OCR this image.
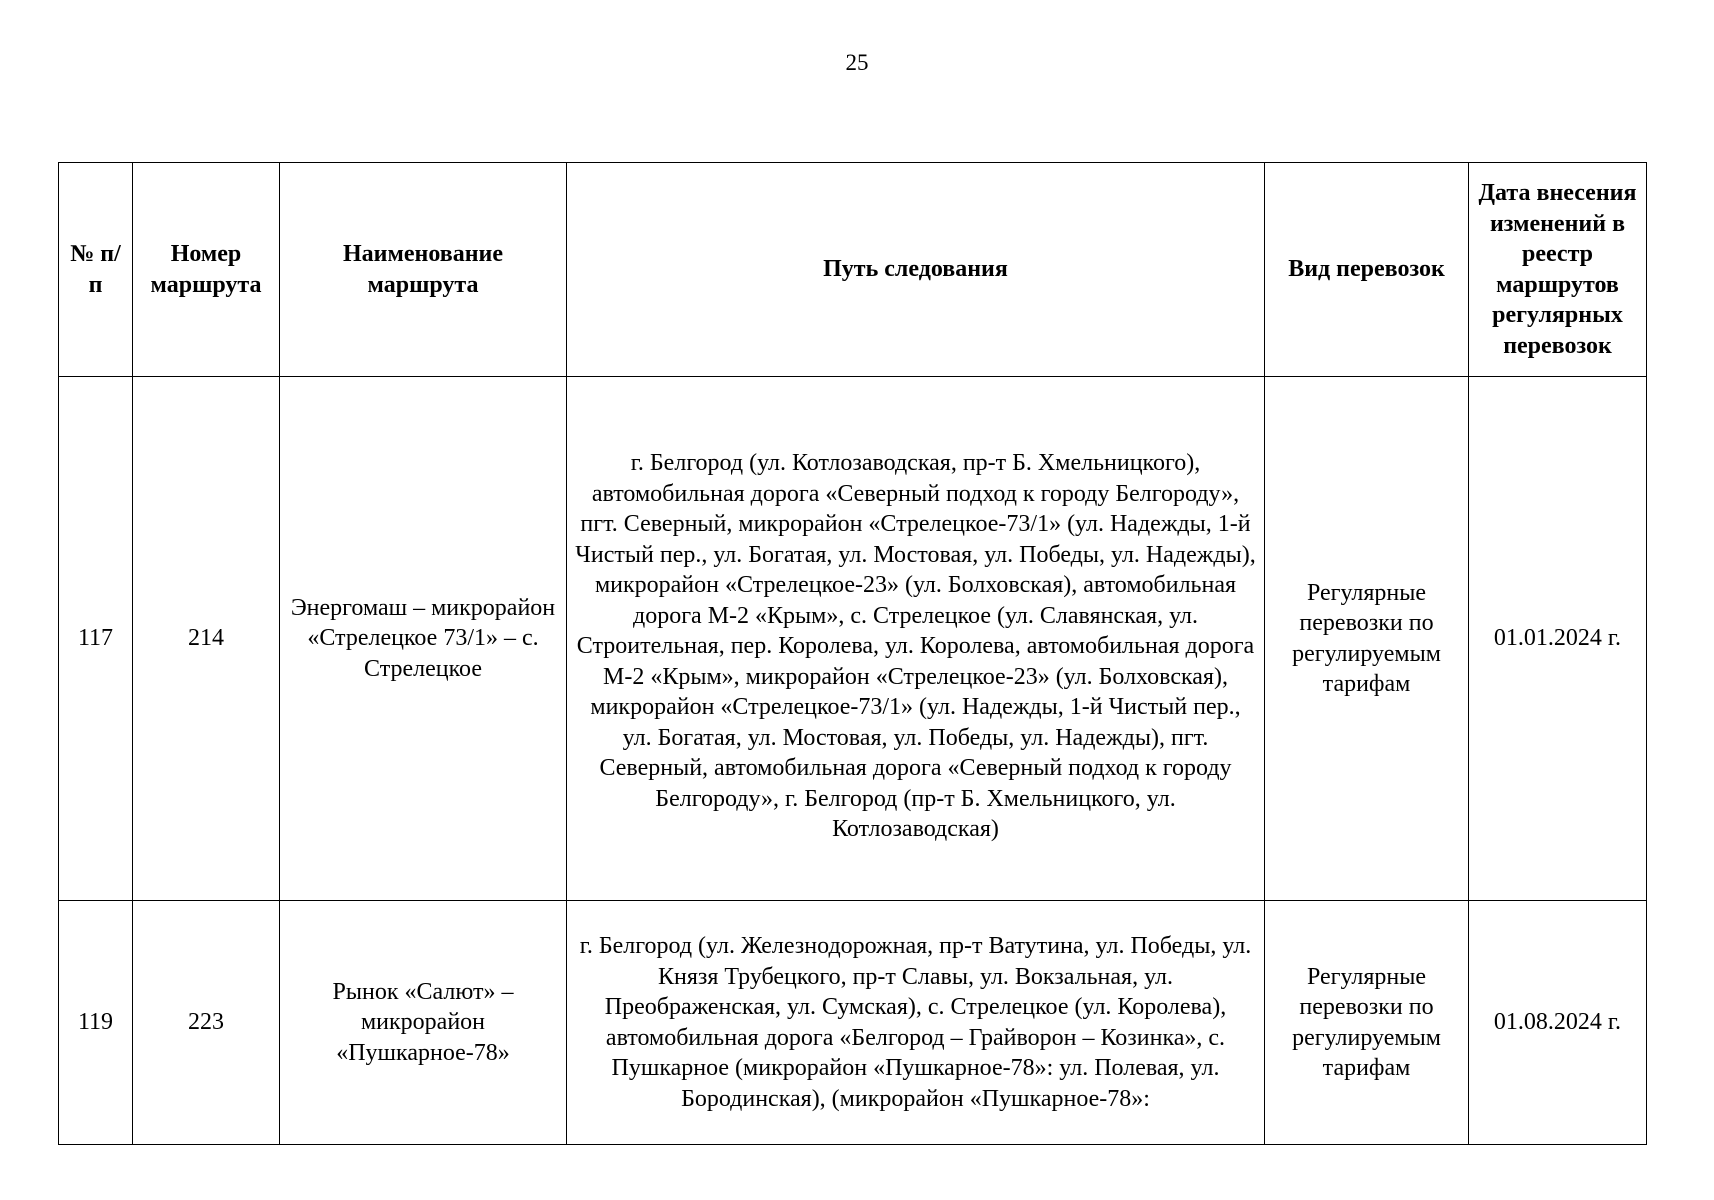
25
№ п/п	Номер маршрута	Наименование маршрута	Путь следования	Вид перевозок	Дата внесения изменений в реестр маршрутов регулярных перевозок
117	214	Энергомаш – микрорайон «Стрелецкое 73/1» – с. Стрелецкое	г. Белгород (ул. Котлозаводская, пр-т Б. Хмельницкого), автомобильная дорога «Северный подход к городу Белгороду», пгт. Северный, микрорайон «Стрелецкое-73/1» (ул. Надежды, 1-й Чистый пер., ул. Богатая, ул. Мостовая, ул. Победы, ул. Надежды), микрорайон «Стрелецкое-23» (ул. Болховская), автомобильная дорога М-2 «Крым», с. Стрелецкое (ул. Славянская, ул. Строительная, пер. Королева, ул. Королева, автомобильная дорога М-2 «Крым», микрорайон «Стрелецкое-23» (ул. Болховская), микрорайон «Стрелецкое-73/1» (ул. Надежды, 1-й Чистый пер., ул. Богатая, ул. Мостовая, ул. Победы, ул. Надежды), пгт. Северный, автомобильная дорога «Северный подход к городу Белгороду», г. Белгород (пр-т Б. Хмельницкого, ул. Котлозаводская)	Регулярные перевозки по регулируемым тарифам	01.01.2024 г.
119	223	Рынок «Салют» – микрорайон «Пушкарное-78»	г. Белгород (ул. Железнодорожная, пр-т Ватутина, ул. Победы, ул. Князя Трубецкого, пр-т Славы, ул. Вокзальная, ул. Преображенская, ул. Сумская), с. Стрелецкое (ул. Королева), автомобильная дорога «Белгород – Грайворон – Козинка», с. Пушкарное (микрорайон «Пушкарное-78»: ул. Полевая, ул. Бородинская), (микрорайон «Пушкарное-78»:	Регулярные перевозки по регулируемым тарифам	01.08.2024 г.
